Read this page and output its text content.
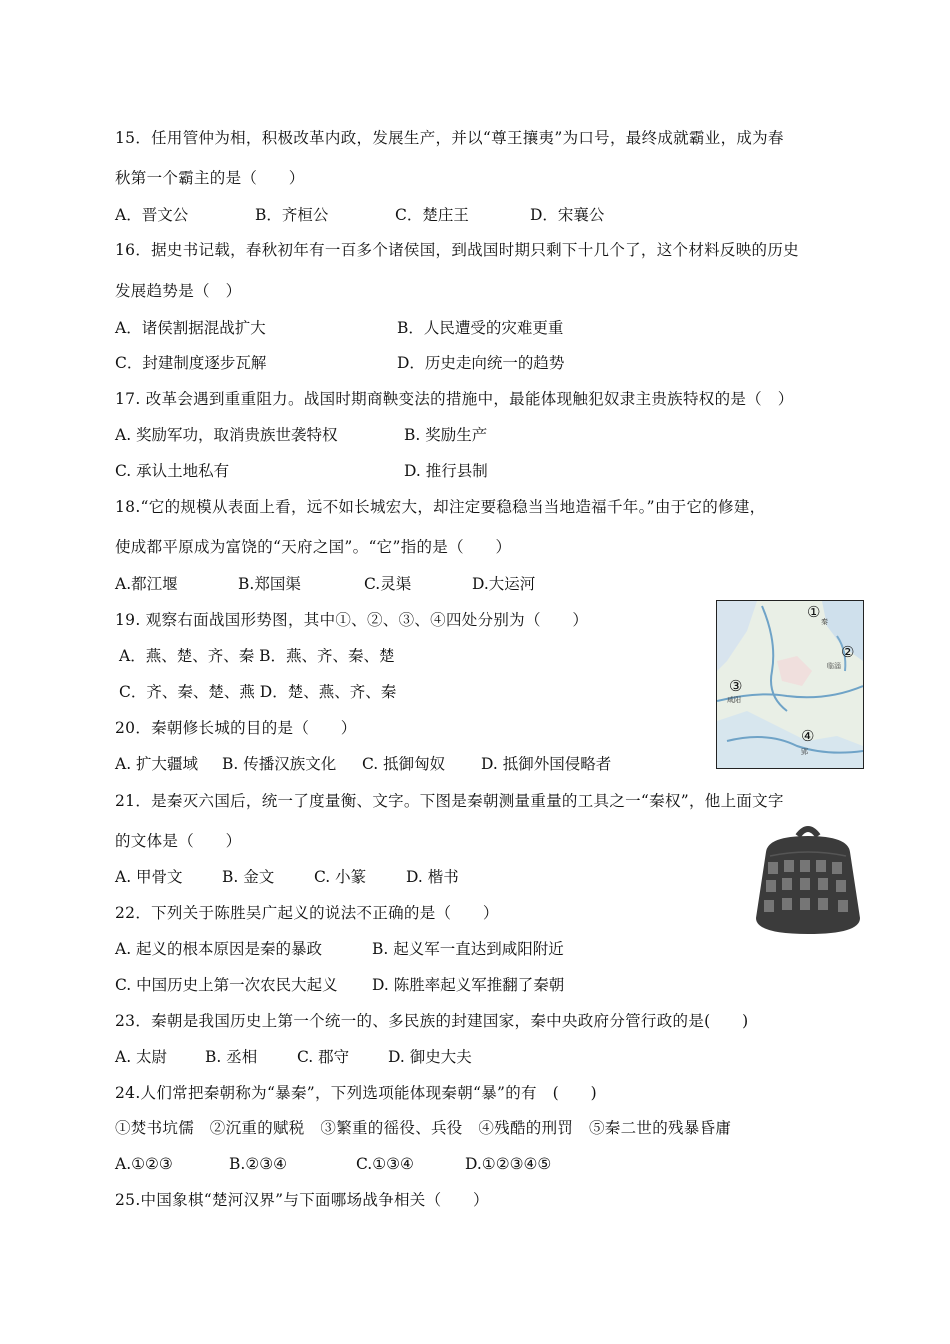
15．任用管仲为相，积极改革内政，发展生产，并以“尊王攘夷”为口号，最终成就霸业，成为春
秋第一个霸主的是（　　）
A．晋文公	B．齐桓公	C．楚庄王	D．宋襄公
16．据史书记载，春秋初年有一百多个诸侯国，到战国时期只剩下十几个了，这个材料反映的历史
发展趋势是（　）
A．诸侯割据混战扩大	B．人民遭受的灾难更重
C．封建制度逐步瓦解	D．历史走向统一的趋势
17. 改革会遇到重重阻力。战国时期商鞅变法的措施中，最能体现触犯奴隶主贵族特权的是（　）
A. 奖励军功，取消贵族世袭特权	B. 奖励生产
C. 承认土地私有	D. 推行县制
18.“它的规模从表面上看，远不如长城宏大，却注定要稳稳当当地造福千年。”由于它的修建，
使成都平原成为富饶的“天府之国”。“它”指的是（　　）
A.都江堰	B.郑国渠	C.灵渠	D.大运河
19. 观察右面战国形势图，其中①、②、③、④四处分别为（　　）
A．燕、楚、齐、秦 B．燕、齐、秦、楚
C．齐、秦、楚、燕 D．楚、燕、齐、秦
①
②
③
④
秦
临淄
咸阳
郢
20．秦朝修长城的目的是（　　）
A. 扩大疆域 B. 传播汉族文化 C. 抵御匈奴 D. 抵御外国侵略者
21．是秦灭六国后，统一了度量衡、文字。下图是秦朝测量重量的工具之一“秦权”，他上面文字
的文体是（　　）
A. 甲骨文	B. 金文	C. 小篆	D. 楷书
22．下列关于陈胜吴广起义的说法不正确的是（　　）
A. 起义的根本原因是秦的暴政	B. 起义军一直达到咸阳附近
C. 中国历史上第一次农民大起义 D. 陈胜率起义军推翻了秦朝
23．秦朝是我国历史上第一个统一的、多民族的封建国家，秦中央政府分管行政的是(　　)
A. 太尉 B. 丞相	C. 郡守	D. 御史大夫
24.人们常把秦朝称为“暴秦”，下列选项能体现秦朝“暴”的有　(　　)
①焚书坑儒　②沉重的赋税　③繁重的徭役、兵役　④残酷的刑罚　⑤秦二世的残暴昏庸
A.①②③	B.②③④	C.①③④	D.①②③④⑤
25.中国象棋“楚河汉界”与下面哪场战争相关（　　）
